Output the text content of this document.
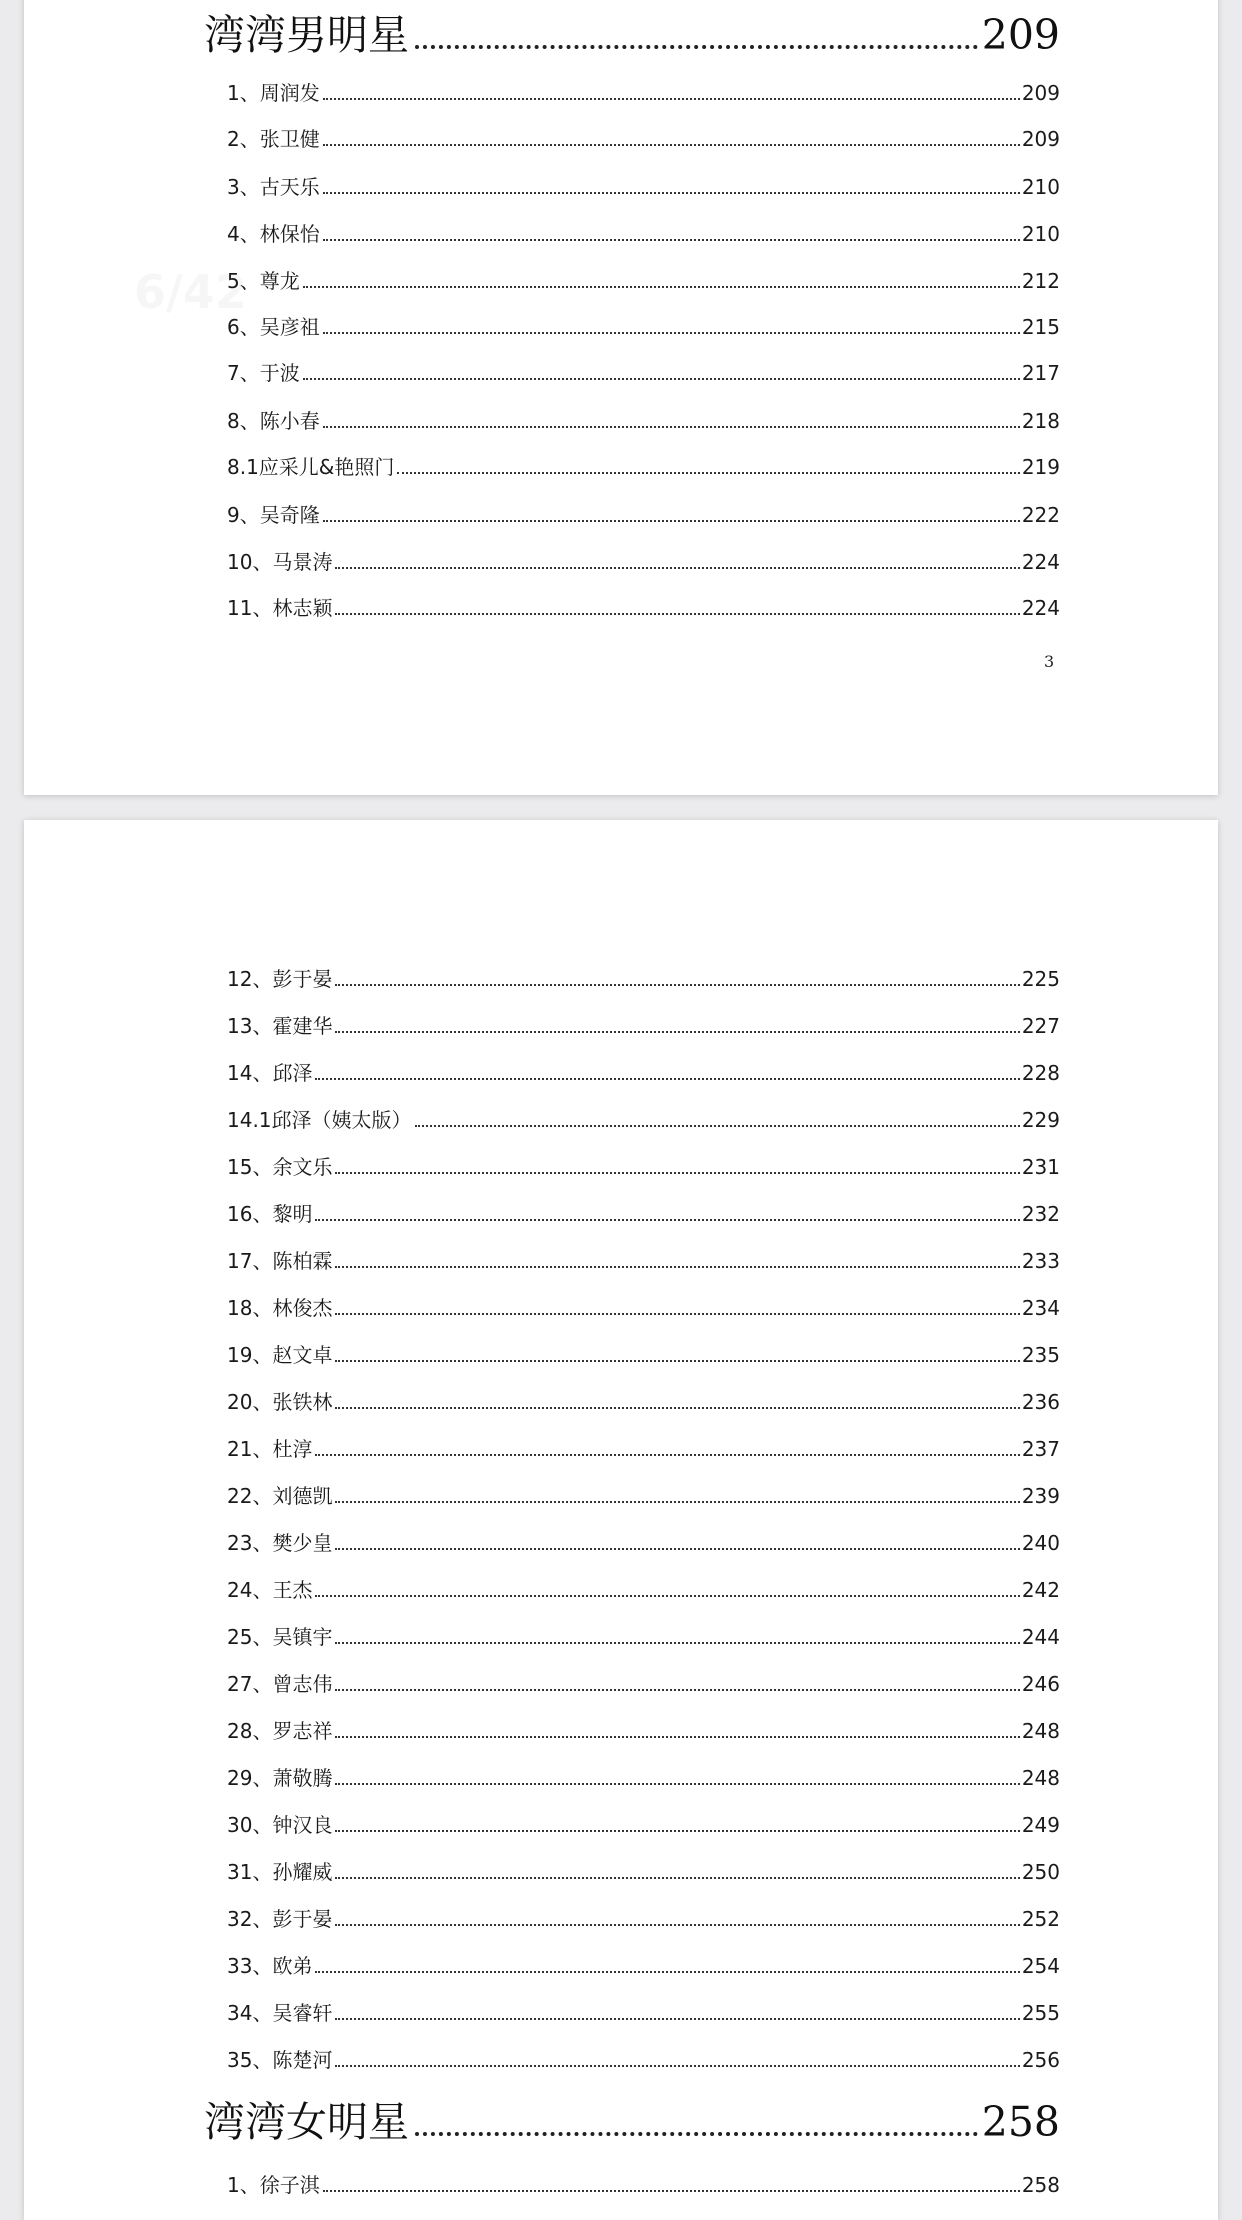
湾湾男明星	209
1、周润发	209
2、张卫健	209
3、古天乐	210
4、林保怡	210
5、尊龙	212
6、吴彦祖	215
7、于波	217
8、陈小春	218
8.1应采儿&艳照门	219
9、吴奇隆	222
10、马景涛	224
11、林志颖	224
3
12、彭于晏	225
13、霍建华	227
14、邱泽	228
14.1邱泽（姨太版）	229
15、余文乐	231
16、黎明	232
17、陈柏霖	233
18、林俊杰	234
19、赵文卓	235
20、张铁林	236
21、杜淳	237
22、刘德凯	239
23、樊少皇	240
24、王杰	242
25、吴镇宇	244
27、曾志伟	246
28、罗志祥	248
29、萧敬腾	248
30、钟汉良	249
31、孙耀威	250
32、彭于晏	252
33、欧弟	254
34、吴睿轩	255
35、陈楚河	256
湾湾女明星	258
1、徐子淇	258
